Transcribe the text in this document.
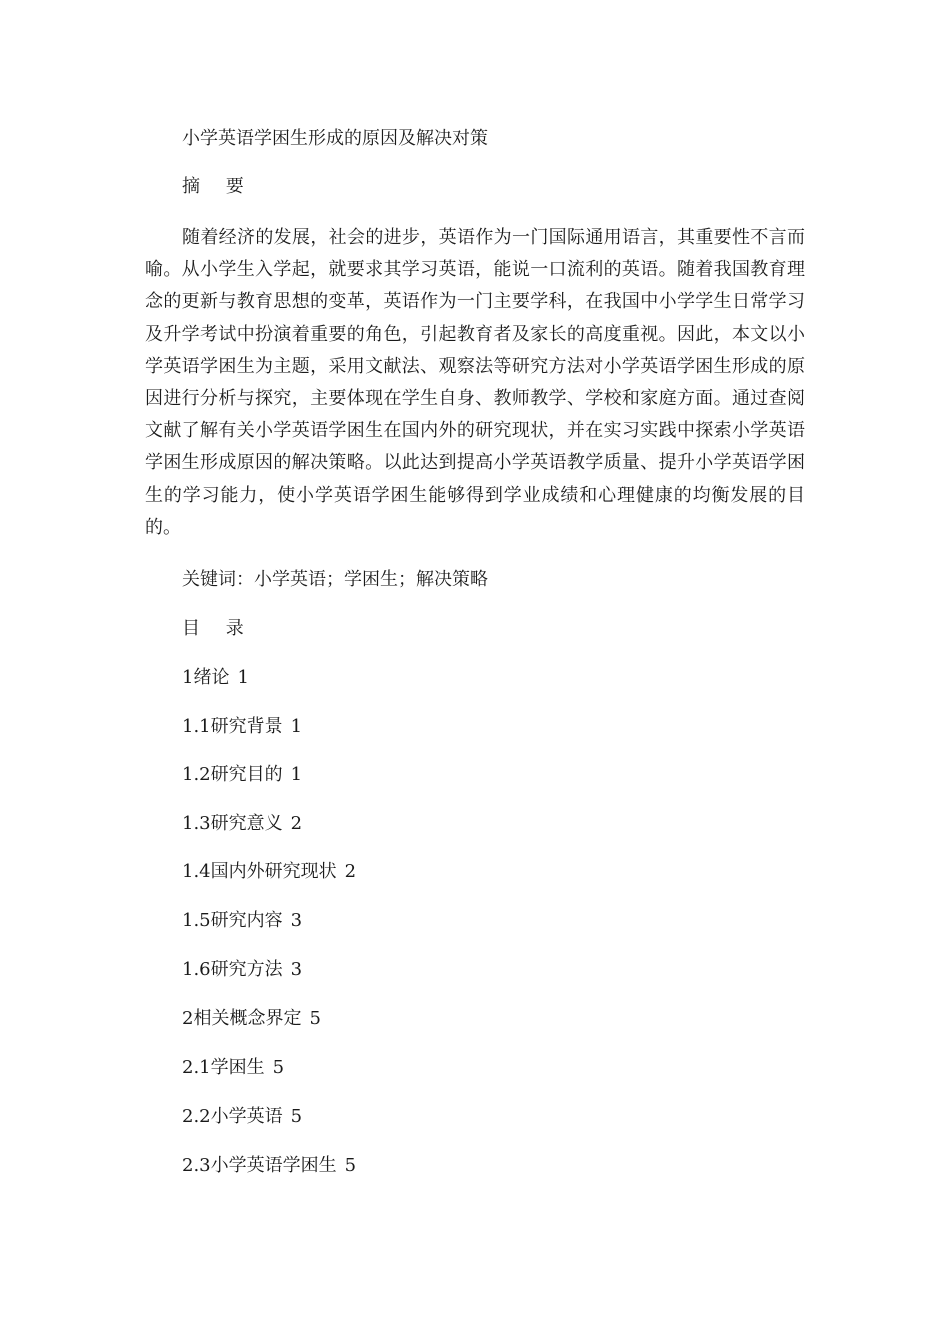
小学英语学困生形成的原因及解决对策
摘 要

随着经济的发展，社会的进步，英语作为一门国际通用语言，其重要性不言而喻。从小学生入学起，就要求其学习英语，能说一口流利的英语。随着我国教育理念的更新与教育思想的变革，英语作为一门主要学科，在我国中小学学生日常学习及升学考试中扮演着重要的角色，引起教育者及家长的高度重视。因此，本文以小学英语学困生为主题，采用文献法、观察法等研究方法对小学英语学困生形成的原因进行分析与探究，主要体现在学生自身、教师教学、学校和家庭方面。通过查阅文献了解有关小学英语学困生在国内外的研究现状，并在实习实践中探索小学英语学困生形成原因的解决策略。以此达到提高小学英语教学质量、提升小学英语学困生的学习能力，使小学英语学困生能够得到学业成绩和心理健康的均衡发展的目的。

关键词：小学英语；学困生；解决策略
目 录
1绪论 1
1.1研究背景 1
1.2研究目的 1
1.3研究意义 2
1.4国内外研究现状 2
1.5研究内容 3
1.6研究方法 3
2相关概念界定 5
2.1学困生 5
2.2小学英语 5
2.3小学英语学困生 5
